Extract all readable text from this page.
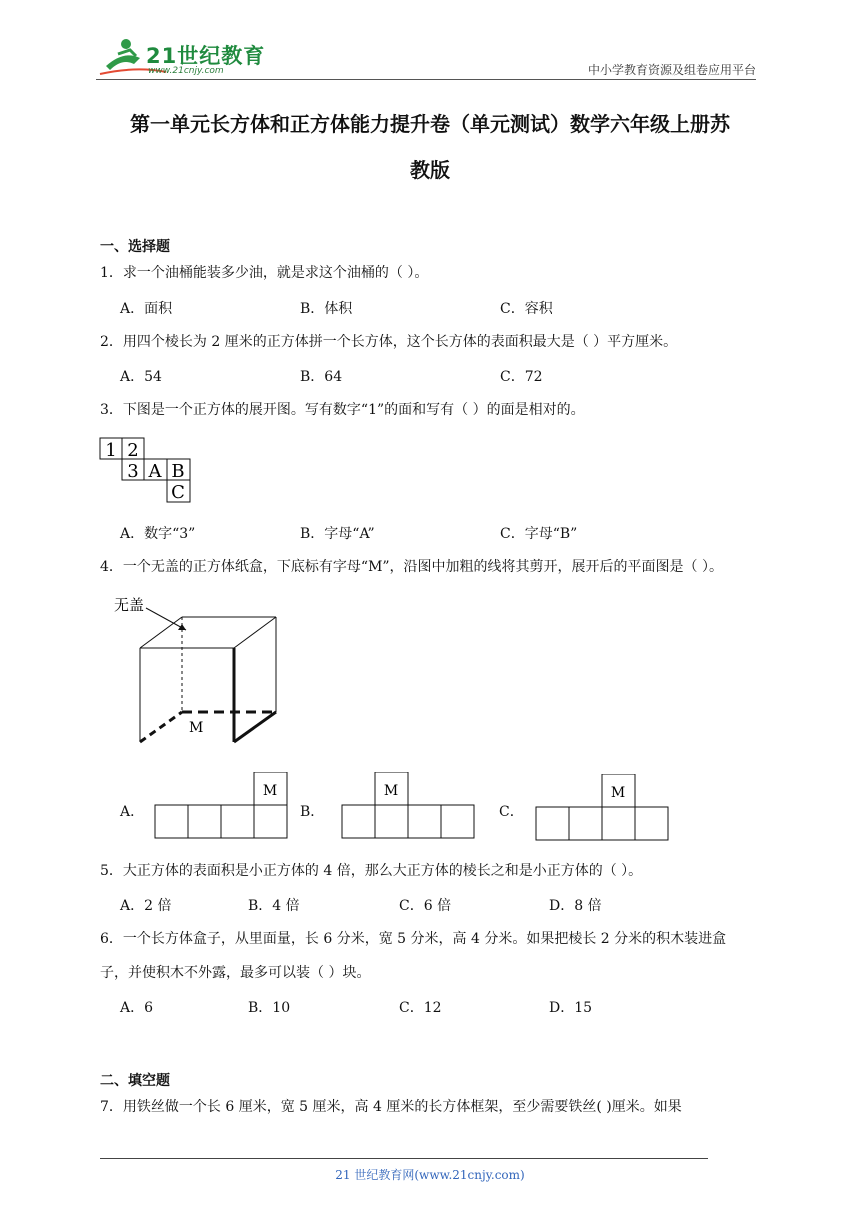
21世纪教育
www.21cnjy.com	中小学教育资源及组卷应用平台
第一单元长方体和正方体能力提升卷（单元测试）数学六年级上册苏
教版
一、选择题
1．求一个油桶能装多少油，就是求这个油桶的（ ）。
A．面积	B．体积	C．容积
2．用四个棱长为 2 厘米的正方体拼一个长方体，这个长方体的表面积最大是（ ）平方厘米。
A．54	B．64	C．72
3．下图是一个正方体的展开图。写有数字“1”的面和写有（ ）的面是相对的。
1 2
3 A B
C
A．数字“3”	B．字母“A”	C．字母“B”
4．一个无盖的正方体纸盒，下底标有字母“M”，沿图中加粗的线将其剪开，展开后的平面图是（ ）。
无盖
M
A．
M
B．
M
C．
M
5．大正方体的表面积是小正方体的 4 倍，那么大正方体的棱长之和是小正方体的（ ）。
A．2 倍	B．4 倍	C．6 倍	D．8 倍
6．一个长方体盒子，从里面量，长 6 分米，宽 5 分米，高 4 分米。如果把棱长 2 分米的积木装进盒
子，并使积木不外露，最多可以装（ ）块。
A．6	B．10	C．12	D．15
二、填空题
7．用铁丝做一个长 6 厘米，宽 5 厘米，高 4 厘米的长方体框架，至少需要铁丝( )厘米。如果
21 世纪教育网(www.21cnjy.com)
